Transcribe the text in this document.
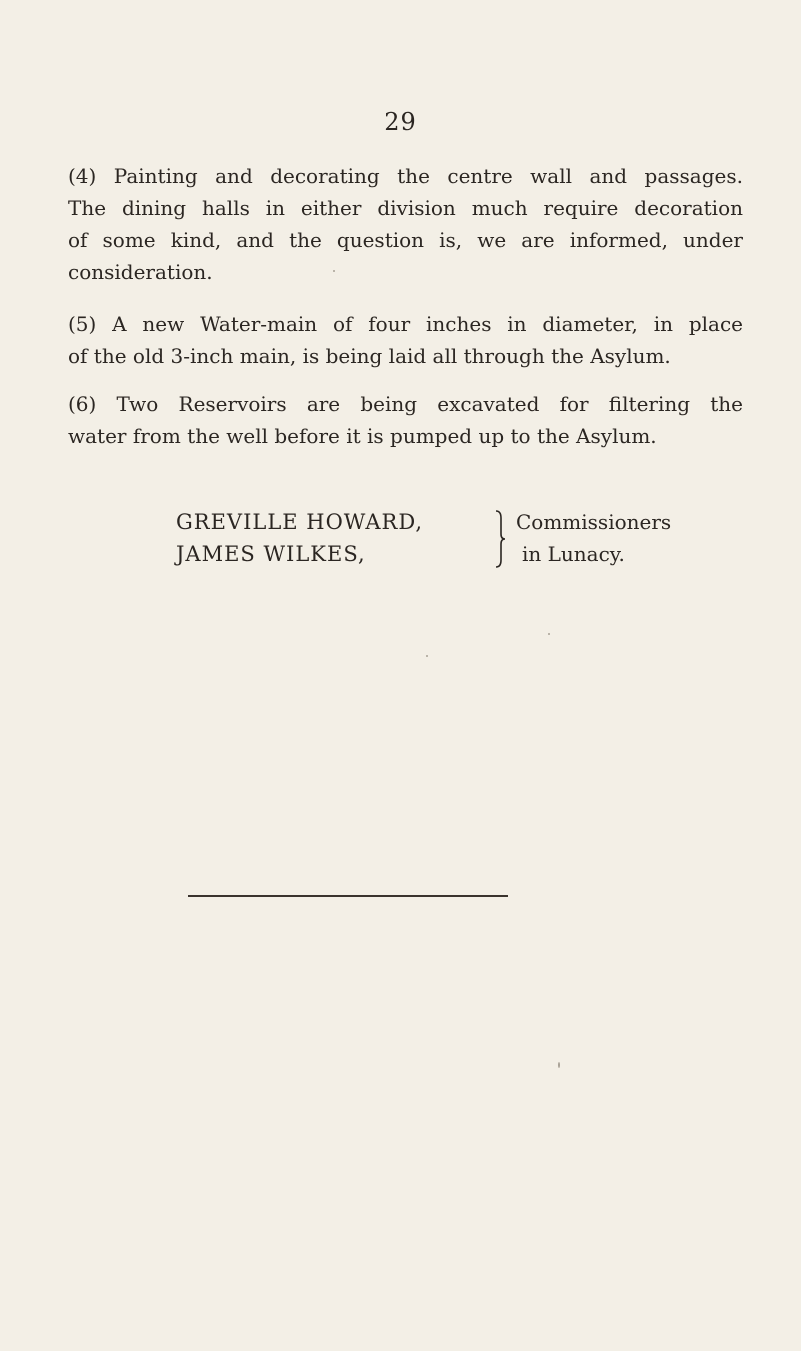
29

(4) Painting and decorating the centre wall and passages.
The dining halls in either division much require decoration
of some kind, and the question is, we are informed, under
consideration.

(5) A new Water-main of four inches in diameter, in place
of the old 3-inch main, is being laid all through the Asylum.

(6) Two Reservoirs are being excavated for filtering the
water from the well before it is pumped up to the Asylum.

GREVILLE HOWARD,
JAMES WILKES,
Commissioners
in Lunacy.
